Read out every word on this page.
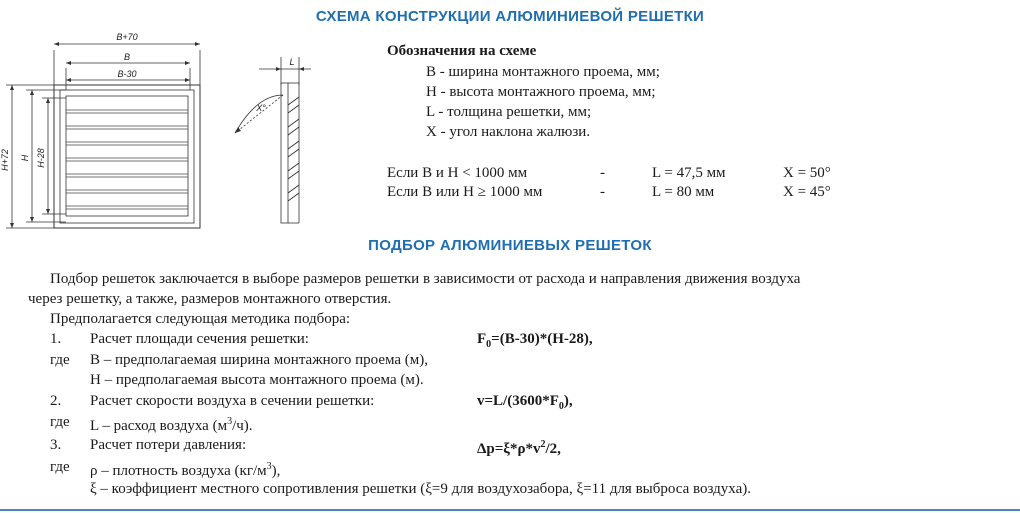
СХЕМА КОНСТРУКЦИИ АЛЮМИНИЕВОЙ РЕШЕТКИ
B+70
B
B-30
H+72 H H-28
L
X°
Обозначения на схеме
B - ширина монтажного проема, мм;
H - высота монтажного проема, мм;
L - толщина решетки, мм;
X - угол наклона жалюзи.
Если B и H < 1000 мм	-	L = 47,5 мм	X = 50°
Если B или H ≥ 1000 мм	-	L = 80 мм	X = 45°
ПОДБОР АЛЮМИНИЕВЫХ РЕШЕТОК
Подбор решеток заключается в выборе размеров решетки в зависимости от расхода и направления движения воздуха
через решетку, а также, размеров монтажного отверстия.
Предполагается следующая методика подбора:
1. Расчет площади сечения решетки:	$F_0=(B-30)*(H-28)$,
где B – предполагаемая ширина монтажного проема (м),
H – предполагаемая высота монтажного проема (м).
2. Расчет скорости воздуха в сечении решетки:	$v=L/(3600*F_0)$,
где L – расход воздуха $(м^3/ч)$.
3. Расчет потери давления:	$\Delta p=\xi*\rho*v^2/2$,
где ρ – плотность воздуха $(кг/м^3)$,
ξ – коэффициент местного сопротивления решетки (ξ=9 для воздухозабора, ξ=11 для выброса воздуха).
